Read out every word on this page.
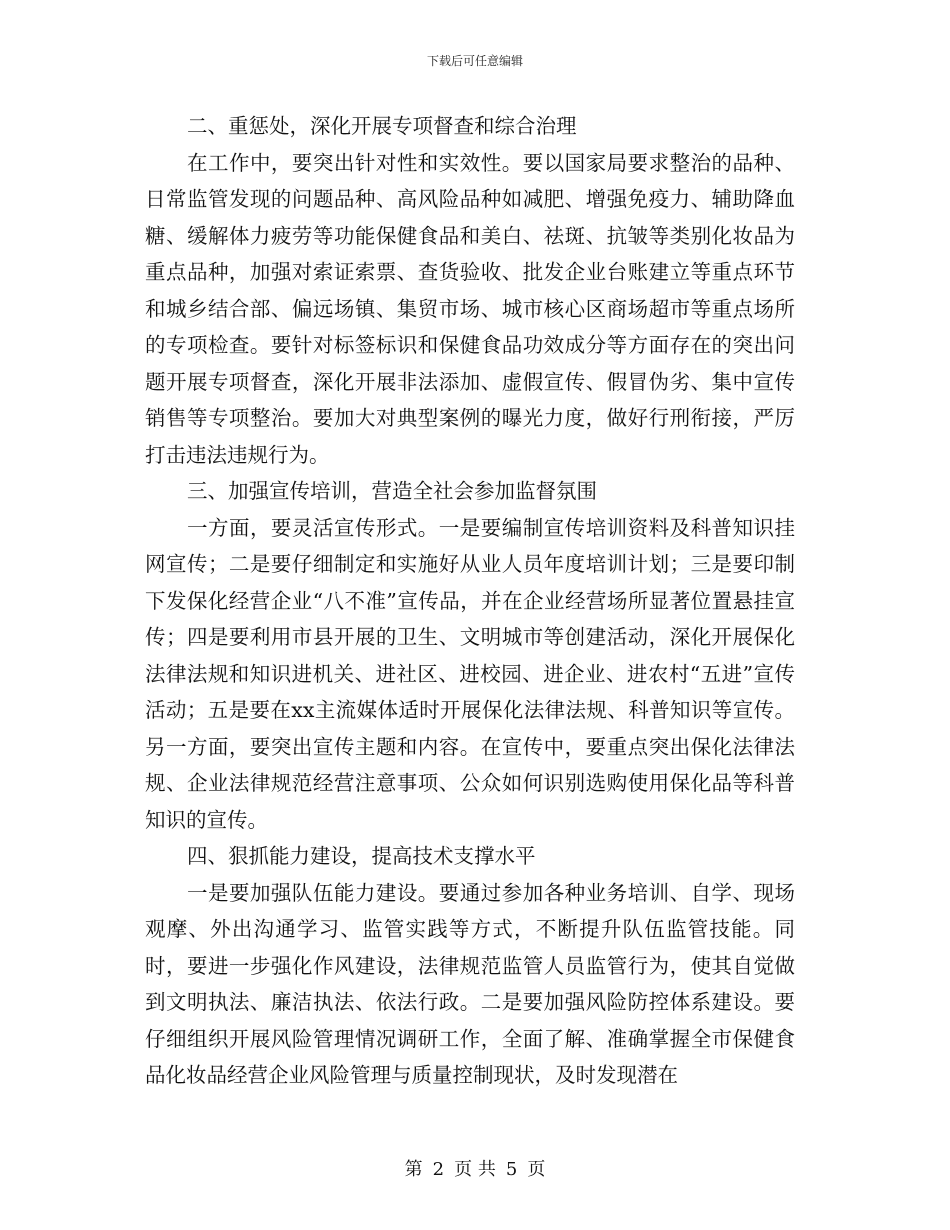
下载后可任意编辑

二、重惩处，深化开展专项督查和综合治理

在工作中，要突出针对性和实效性。要以国家局要求整治的品种、日常监管发现的问题品种、高风险品种如减肥、增强免疫力、辅助降血糖、缓解体力疲劳等功能保健食品和美白、祛斑、抗皱等类别化妆品为重点品种，加强对索证索票、查货验收、批发企业台账建立等重点环节和城乡结合部、偏远场镇、集贸市场、城市核心区商场超市等重点场所的专项检查。要针对标签标识和保健食品功效成分等方面存在的突出问题开展专项督查，深化开展非法添加、虚假宣传、假冒伪劣、集中宣传销售等专项整治。要加大对典型案例的曝光力度，做好行刑衔接，严厉打击违法违规行为。

三、加强宣传培训，营造全社会参加监督氛围

一方面，要灵活宣传形式。一是要编制宣传培训资料及科普知识挂网宣传；二是要仔细制定和实施好从业人员年度培训计划；三是要印制下发保化经营企业“八不准”宣传品，并在企业经营场所显著位置悬挂宣传；四是要利用市县开展的卫生、文明城市等创建活动，深化开展保化法律法规和知识进机关、进社区、进校园、进企业、进农村“五进”宣传活动；五是要在xx主流媒体适时开展保化法律法规、科普知识等宣传。另一方面，要突出宣传主题和内容。在宣传中，要重点突出保化法律法规、企业法律规范经营注意事项、公众如何识别选购使用保化品等科普知识的宣传。

四、狠抓能力建设，提高技术支撑水平

一是要加强队伍能力建设。要通过参加各种业务培训、自学、现场观摩、外出沟通学习、监管实践等方式，不断提升队伍监管技能。同时，要进一步强化作风建设，法律规范监管人员监管行为，使其自觉做到文明执法、廉洁执法、依法行政。二是要加强风险防控体系建设。要仔细组织开展风险管理情况调研工作，全面了解、准确掌握全市保健食品化妆品经营企业风险管理与质量控制现状，及时发现潜在

第 2 页 共 5 页
